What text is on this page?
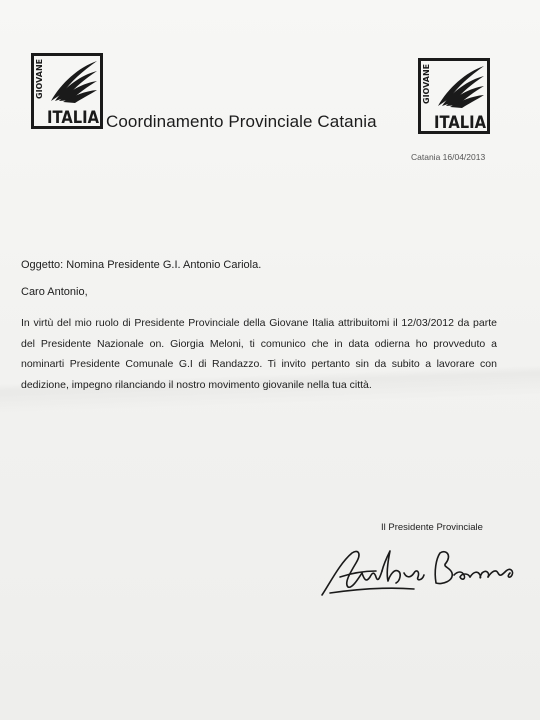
GIOVANE
ITALIA Coordinamento Provinciale Catania
GIOVANE
ITALIA
Catania 16/04/2013
Oggetto: Nomina Presidente G.I. Antonio Cariola.
Caro Antonio,
In virtù del mio ruolo di Presidente Provinciale della Giovane Italia attribuitomi il 12/03/2012 da parte del Presidente Nazionale on. Giorgia Meloni, ti comunico che in data odierna ho provveduto a nominarti Presidente Comunale G.I di Randazzo. Ti invito pertanto sin da subito a lavorare con dedizione, impegno rilanciando il nostro movimento giovanile nella tua città.
Il Presidente Provinciale
